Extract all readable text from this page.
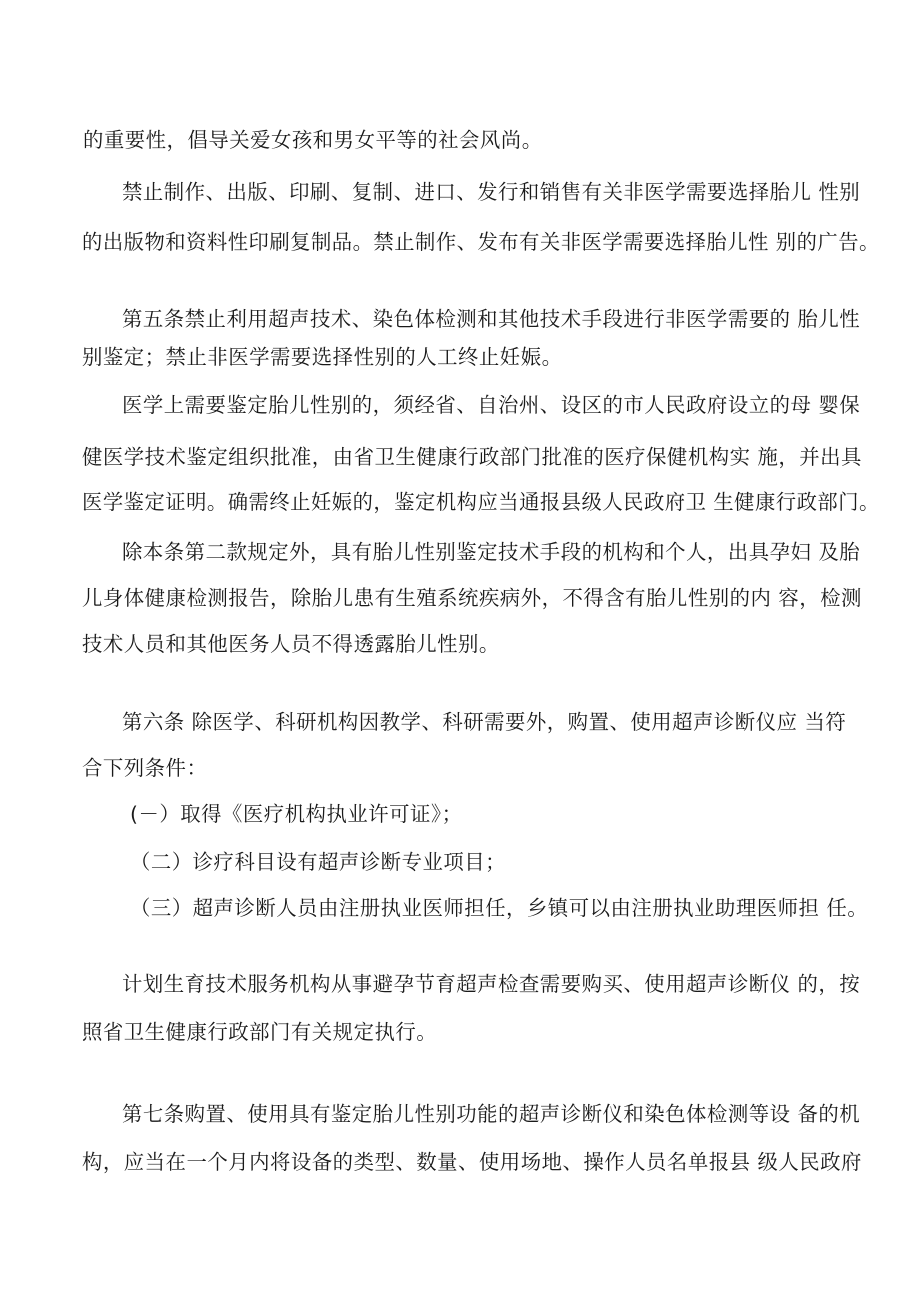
的重要性，倡导关爱女孩和男女平等的社会风尚。
禁止制作、出版、印刷、复制、进口、发行和销售有关非医学需要选择胎儿 性别
的出版物和资料性印刷复制品。禁止制作、发布有关非医学需要选择胎儿性 别的广告。
第五条禁止利用超声技术、染色体检测和其他技术手段进行非医学需要的 胎儿性
别鉴定；禁止非医学需要选择性别的人工终止妊娠。
医学上需要鉴定胎儿性别的，须经省、自治州、设区的市人民政府设立的母 婴保
健医学技术鉴定组织批准，由省卫生健康行政部门批准的医疗保健机构实 施，并出具
医学鉴定证明。确需终止妊娠的，鉴定机构应当通报县级人民政府卫 生健康行政部门。
除本条第二款规定外，具有胎儿性别鉴定技术手段的机构和个人，出具孕妇 及胎
儿身体健康检测报告，除胎儿患有生殖系统疾病外，不得含有胎儿性别的内 容，检测
技术人员和其他医务人员不得透露胎儿性别。
第六条 除医学、科研机构因教学、科研需要外，购置、使用超声诊断仪应 当符
合下列条件：
(－）取得《医疗机构执业许可证》；
（二）诊疗科目设有超声诊断专业项目；
（三）超声诊断人员由注册执业医师担任，乡镇可以由注册执业助理医师担 任。
计划生育技术服务机构从事避孕节育超声检查需要购买、使用超声诊断仪 的，按
照省卫生健康行政部门有关规定执行。
第七条购置、使用具有鉴定胎儿性别功能的超声诊断仪和染色体检测等设 备的机
构，应当在一个月内将设备的类型、数量、使用场地、操作人员名单报县 级人民政府
